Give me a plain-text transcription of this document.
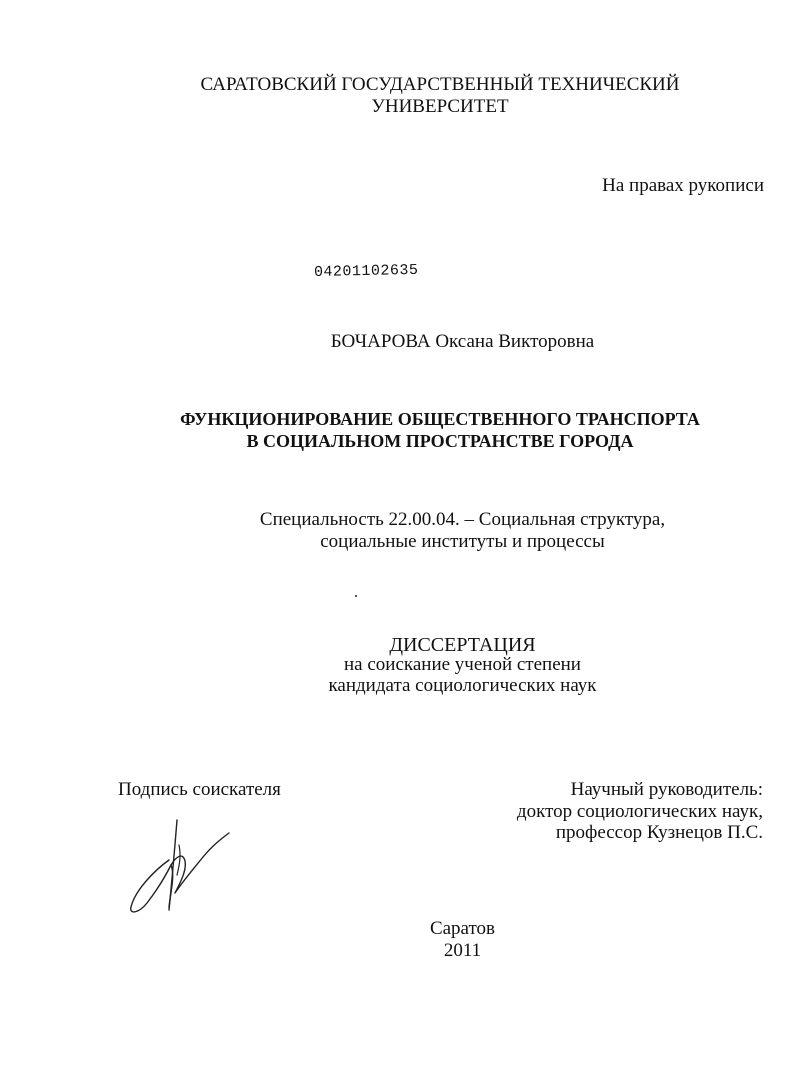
САРАТОВСКИЙ ГОСУДАРСТВЕННЫЙ ТЕХНИЧЕСКИЙ
УНИВЕРСИТЕТ
На правах рукописи
04201102635
БОЧАРОВА Оксана Викторовна
ФУНКЦИОНИРОВАНИЕ ОБЩЕСТВЕННОГО ТРАНСПОРТА
В СОЦИАЛЬНОМ ПРОСТРАНСТВЕ ГОРОДА
Специальность 22.00.04. – Социальная структура,
социальные институты и процессы
ДИССЕРТАЦИЯ
на соискание ученой степени
кандидата социологических наук
Подпись соискателя	Научный руководитель:
доктор социологических наук,
профессор Кузнецов П.С.
Саратов
2011
